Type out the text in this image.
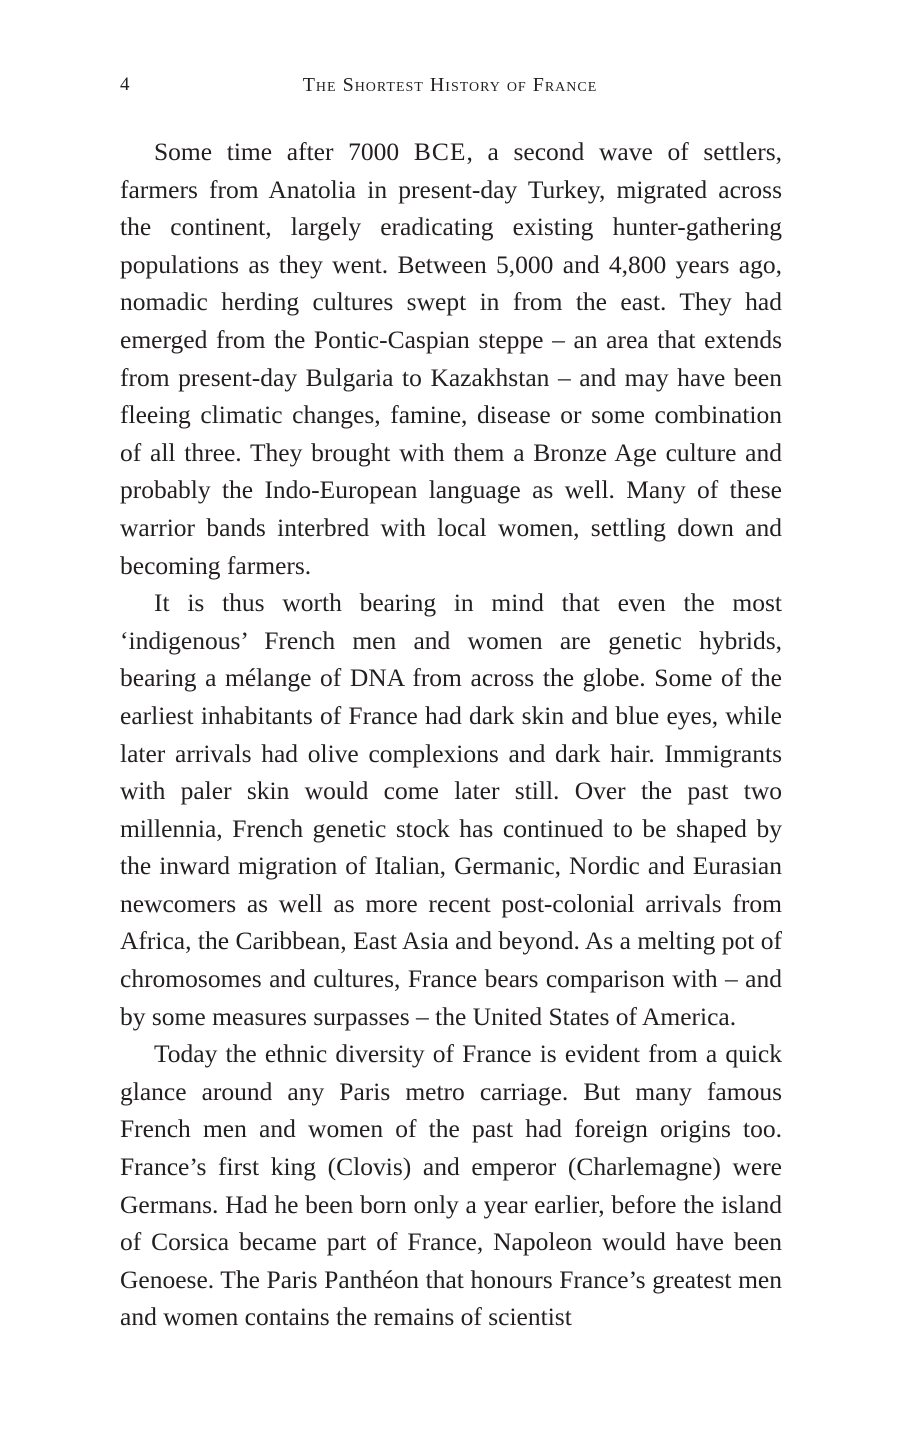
4	The Shortest History of France

Some time after 7000 BCE, a second wave of settlers, farmers from Anatolia in present-day Turkey, migrated across the continent, largely eradicating existing hunter-gathering populations as they went. Between 5,000 and 4,800 years ago, nomadic herding cultures swept in from the east. They had emerged from the Pontic-Caspian steppe – an area that extends from present-day Bulgaria to Kazakhstan – and may have been fleeing climatic changes, famine, disease or some combination of all three. They brought with them a Bronze Age culture and probably the Indo-European language as well. Many of these warrior bands interbred with local women, settling down and becoming farmers.

It is thus worth bearing in mind that even the most ‘indigenous’ French men and women are genetic hybrids, bearing a mélange of DNA from across the globe. Some of the earliest inhabitants of France had dark skin and blue eyes, while later arrivals had olive complexions and dark hair. Immigrants with paler skin would come later still. Over the past two millennia, French genetic stock has continued to be shaped by the inward migration of Italian, Germanic, Nordic and Eurasian newcomers as well as more recent post-colonial arrivals from Africa, the Caribbean, East Asia and beyond. As a melting pot of chromosomes and cultures, France bears comparison with – and by some measures surpasses – the United States of America.

Today the ethnic diversity of France is evident from a quick glance around any Paris metro carriage. But many famous French men and women of the past had foreign origins too. France’s first king (Clovis) and emperor (Charlemagne) were Germans. Had he been born only a year earlier, before the island of Corsica became part of France, Napoleon would have been Genoese. The Paris Panthéon that honours France’s greatest men and women contains the remains of scientist
